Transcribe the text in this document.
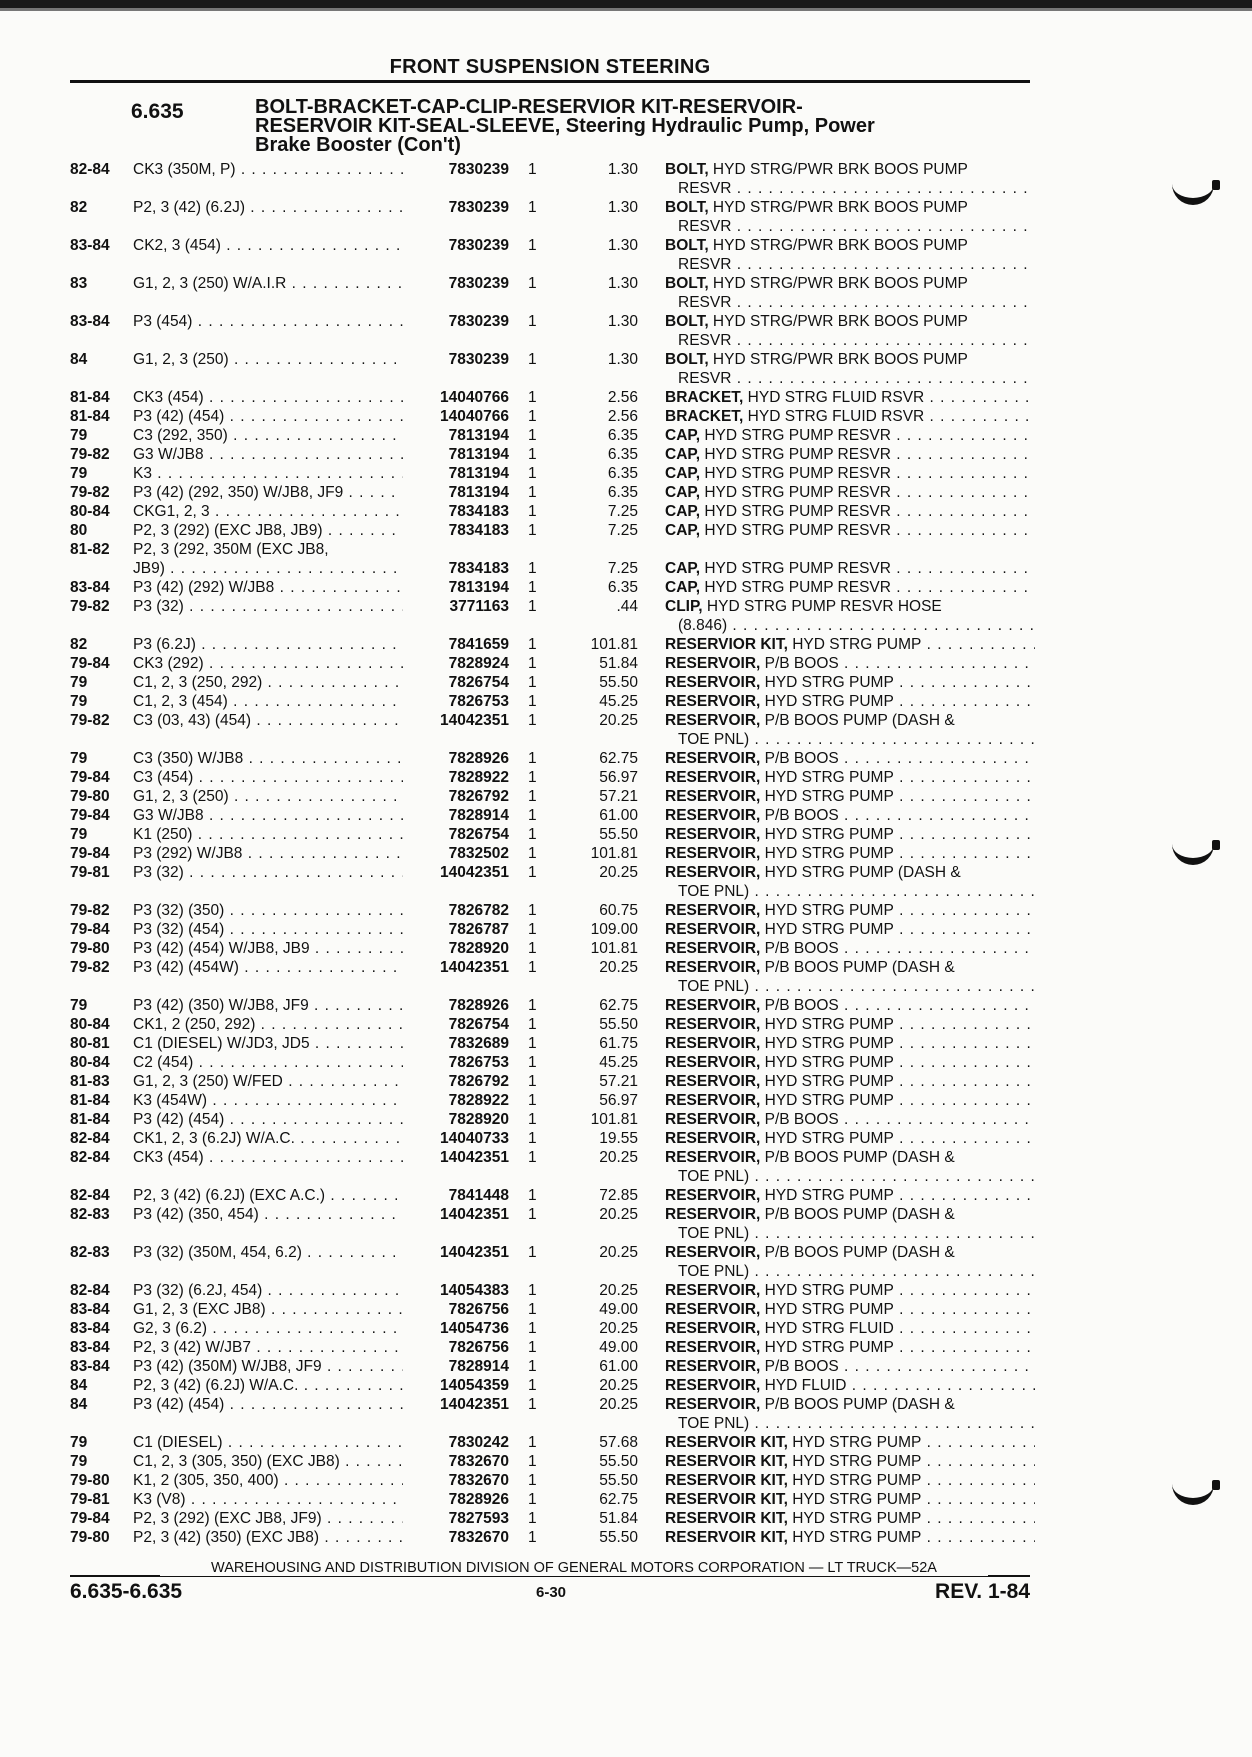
FRONT SUSPENSION STEERING
6.635	BOLT-BRACKET-CAP-CLIP-RESERVIOR KIT-RESERVOIR-
RESERVOIR KIT-SEAL-SLEEVE, Steering Hydraulic Pump, Power
Brake Booster (Con't)
82-84	CK3 (350M, P) . . .	7830239 1	1.30 BOLT, HYD STRG/PWR BRK BOOS PUMP
RESVR . . .
82	P2, 3 (42) (6.2J) . . .	7830239 1	1.30 BOLT, HYD STRG/PWR BRK BOOS PUMP
RESVR . . .
83-84	CK2, 3 (454) . . .	7830239 1	1.30 BOLT, HYD STRG/PWR BRK BOOS PUMP
RESVR . . .
83	G1, 2, 3 (250) W/A.I.R . . .	7830239 1	1.30 BOLT, HYD STRG/PWR BRK BOOS PUMP
RESVR . . .
83-84	P3 (454) . . .	7830239 1	1.30 BOLT, HYD STRG/PWR BRK BOOS PUMP
RESVR . . .
84	G1, 2, 3 (250) . . .	7830239 1	1.30 BOLT, HYD STRG/PWR BRK BOOS PUMP
RESVR . . .
81-84	CK3 (454) . . .	14040766 1	2.56 BRACKET, HYD STRG FLUID RSVR . . .
81-84	P3 (42) (454) . . .	14040766 1	2.56 BRACKET, HYD STRG FLUID RSVR . . .
79	C3 (292, 350) . . .	7813194 1	6.35 CAP, HYD STRG PUMP RESVR . . .
79-82	G3 W/JB8 . . .	7813194 1	6.35 CAP, HYD STRG PUMP RESVR . . .
79	K3 . . .	7813194 1	6.35 CAP, HYD STRG PUMP RESVR . . .
79-82	P3 (42) (292, 350) W/JB8, JF9 . . .	7813194 1	6.35 CAP, HYD STRG PUMP RESVR . . .
80-84	CKG1, 2, 3 . . .	7834183 1	7.25 CAP, HYD STRG PUMP RESVR . . .
80	P2, 3 (292) (EXC JB8, JB9) . . .	7834183 1	7.25 CAP, HYD STRG PUMP RESVR . . .
81-82	P2, 3 (292, 350M (EXC JB8,
JB9) . . .	7834183 1	7.25 CAP, HYD STRG PUMP RESVR . . .
83-84	P3 (42) (292) W/JB8 . . .	7813194 1	6.35 CAP, HYD STRG PUMP RESVR . . .
79-82	P3 (32) . . .	3771163 1	.44 CLIP, HYD STRG PUMP RESVR HOSE
(8.846) . . .
82	P3 (6.2J) . . .	7841659 1	101.81 RESERVIOR KIT, HYD STRG PUMP . . .
79-84	CK3 (292) . . .	7828924 1	51.84 RESERVOIR, P/B BOOS . . .
79	C1, 2, 3 (250, 292) . . .	7826754 1	55.50 RESERVOIR, HYD STRG PUMP . . .
79	C1, 2, 3 (454) . . .	7826753 1	45.25 RESERVOIR, HYD STRG PUMP . . .
79-82	C3 (03, 43) (454) . . .	14042351 1	20.25 RESERVOIR, P/B BOOS PUMP (DASH &
TOE PNL) . . .
79	C3 (350) W/JB8 . . .	7828926 1	62.75 RESERVOIR, P/B BOOS . . .
79-84	C3 (454) . . .	7828922 1	56.97 RESERVOIR, HYD STRG PUMP . . .
79-80	G1, 2, 3 (250) . . .	7826792 1	57.21 RESERVOIR, HYD STRG PUMP . . .
79-84	G3 W/JB8 . . .	7828914 1	61.00 RESERVOIR, P/B BOOS . . .
79	K1 (250) . . .	7826754 1	55.50 RESERVOIR, HYD STRG PUMP . . .
79-84	P3 (292) W/JB8 . . .	7832502 1	101.81 RESERVOIR, HYD STRG PUMP . . .
79-81	P3 (32) . . .	14042351 1	20.25 RESERVOIR, HYD STRG PUMP (DASH &
TOE PNL) . . .
79-82	P3 (32) (350) . . .	7826782 1	60.75 RESERVOIR, HYD STRG PUMP . . .
79-84	P3 (32) (454) . . .	7826787 1	109.00 RESERVOIR, HYD STRG PUMP . . .
79-80	P3 (42) (454) W/JB8, JB9 . . .	7828920 1	101.81 RESERVOIR, P/B BOOS . . .
79-82	P3 (42) (454W) . . .	14042351 1	20.25 RESERVOIR, P/B BOOS PUMP (DASH &
TOE PNL) . . .
79	P3 (42) (350) W/JB8, JF9 . . .	7828926 1	62.75 RESERVOIR, P/B BOOS . . .
80-84	CK1, 2 (250, 292) . . .	7826754 1	55.50 RESERVOIR, HYD STRG PUMP . . .
80-81	C1 (DIESEL) W/JD3, JD5 . . .	7832689 1	61.75 RESERVOIR, HYD STRG PUMP . . .
80-84	C2 (454) . . .	7826753 1	45.25 RESERVOIR, HYD STRG PUMP . . .
81-83	G1, 2, 3 (250) W/FED . . .	7826792 1	57.21 RESERVOIR, HYD STRG PUMP . . .
81-84	K3 (454W) . . .	7828922 1	56.97 RESERVOIR, HYD STRG PUMP . . .
81-84	P3 (42) (454) . . .	7828920 1	101.81 RESERVOIR, P/B BOOS . . .
82-84	CK1, 2, 3 (6.2J) W/A.C. . . .	14040733 1	19.55 RESERVOIR, HYD STRG PUMP . . .
82-84	CK3 (454) . . .	14042351 1	20.25 RESERVOIR, P/B BOOS PUMP (DASH &
TOE PNL) . . .
82-84	P2, 3 (42) (6.2J) (EXC A.C.) . . .	7841448 1	72.85 RESERVOIR, HYD STRG PUMP . . .
82-83	P3 (42) (350, 454) . . .	14042351 1	20.25 RESERVOIR, P/B BOOS PUMP (DASH &
TOE PNL) . . .
82-83	P3 (32) (350M, 454, 6.2) . . .	14042351 1	20.25 RESERVOIR, P/B BOOS PUMP (DASH &
TOE PNL) . . .
82-84	P3 (32) (6.2J, 454) . . .	14054383 1	20.25 RESERVOIR, HYD STRG PUMP . . .
83-84	G1, 2, 3 (EXC JB8) . . .	7826756 1	49.00 RESERVOIR, HYD STRG PUMP . . .
83-84	G2, 3 (6.2) . . .	14054736 1	20.25 RESERVOIR, HYD STRG FLUID . . .
83-84	P2, 3 (42) W/JB7 . . .	7826756 1	49.00 RESERVOIR, HYD STRG PUMP . . .
83-84	P3 (42) (350M) W/JB8, JF9 . . .	7828914 1	61.00 RESERVOIR, P/B BOOS . . .
84	P2, 3 (42) (6.2J) W/A.C. . . .	14054359 1	20.25 RESERVOIR, HYD FLUID . . .
84	P3 (42) (454) . . .	14042351 1	20.25 RESERVOIR, P/B BOOS PUMP (DASH &
TOE PNL) . . .
79	C1 (DIESEL) . . .	7830242 1	57.68 RESERVOIR KIT, HYD STRG PUMP . . .
79	C1, 2, 3 (305, 350) (EXC JB8) . . .	7832670 1	55.50 RESERVOIR KIT, HYD STRG PUMP . . .
79-80	K1, 2 (305, 350, 400) . . .	7832670 1	55.50 RESERVOIR KIT, HYD STRG PUMP . . .
79-81	K3 (V8) . . .	7828926 1	62.75 RESERVOIR KIT, HYD STRG PUMP . . .
79-84	P2, 3 (292) (EXC JB8, JF9) . . .	7827593 1	51.84 RESERVOIR KIT, HYD STRG PUMP . . .
79-80	P2, 3 (42) (350) (EXC JB8) . . .	7832670 1	55.50 RESERVOIR KIT, HYD STRG PUMP . . .
WAREHOUSING AND DISTRIBUTION DIVISION OF GENERAL MOTORS CORPORATION — LT TRUCK—52A
6.635-6.635	6-30	REV. 1-84
